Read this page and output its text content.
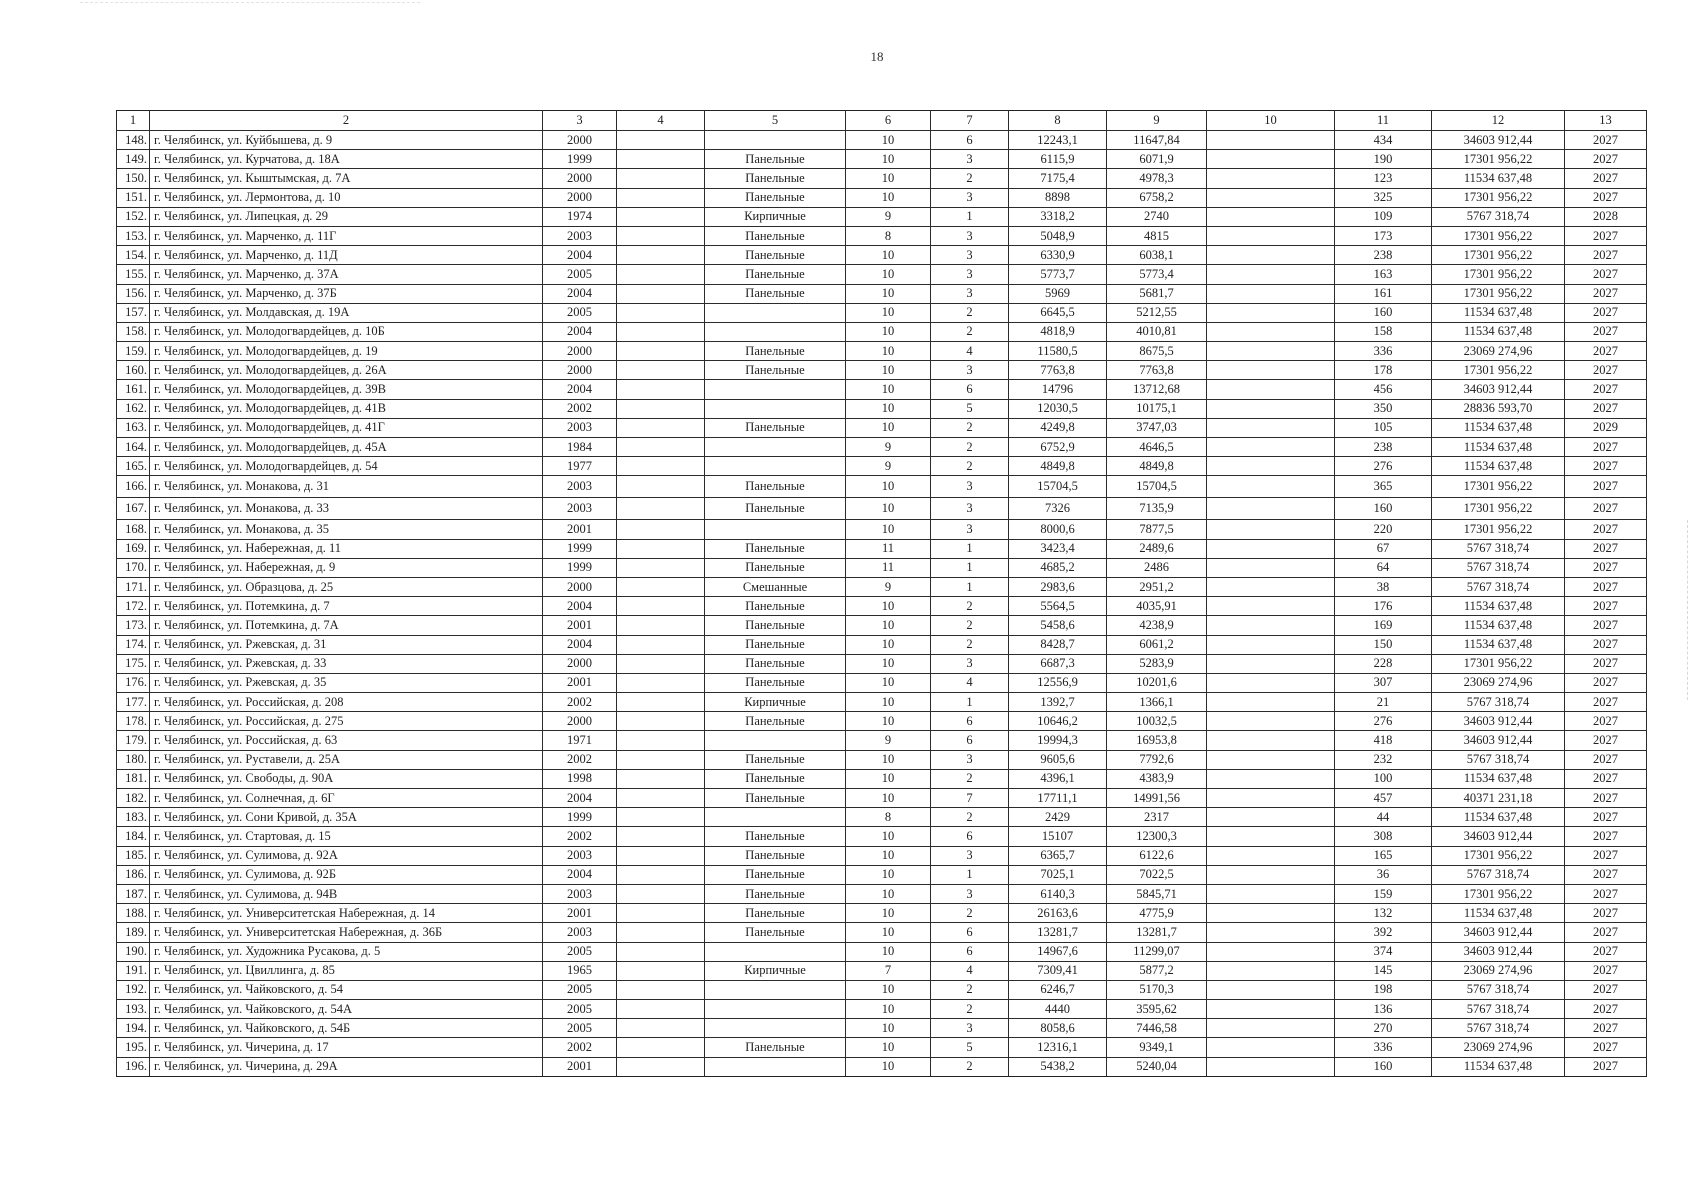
18
1	2	3	4	5	6	7	8	9	10	11	12	13
148.	г. Челябинск, ул. Куйбышева, д. 9	2000			10	6	12243,1	11647,84		434	34603 912,44	2027
149.	г. Челябинск, ул. Курчатова, д. 18А	1999		Панельные	10	3	6115,9	6071,9		190	17301 956,22	2027
150.	г. Челябинск, ул. Кыштымская, д. 7А	2000		Панельные	10	2	7175,4	4978,3		123	11534 637,48	2027
151.	г. Челябинск, ул. Лермонтова, д. 10	2000		Панельные	10	3	8898	6758,2		325	17301 956,22	2027
152.	г. Челябинск, ул. Липецкая, д. 29	1974		Кирпичные	9	1	3318,2	2740		109	5767 318,74	2028
153.	г. Челябинск, ул. Марченко, д. 11Г	2003		Панельные	8	3	5048,9	4815		173	17301 956,22	2027
154.	г. Челябинск, ул. Марченко, д. 11Д	2004		Панельные	10	3	6330,9	6038,1		238	17301 956,22	2027
155.	г. Челябинск, ул. Марченко, д. 37А	2005		Панельные	10	3	5773,7	5773,4		163	17301 956,22	2027
156.	г. Челябинск, ул. Марченко, д. 37Б	2004		Панельные	10	3	5969	5681,7		161	17301 956,22	2027
157.	г. Челябинск, ул. Молдавская, д. 19А	2005			10	2	6645,5	5212,55		160	11534 637,48	2027
158.	г. Челябинск, ул. Молодогвардейцев, д. 10Б	2004			10	2	4818,9	4010,81		158	11534 637,48	2027
159.	г. Челябинск, ул. Молодогвардейцев, д. 19	2000		Панельные	10	4	11580,5	8675,5		336	23069 274,96	2027
160.	г. Челябинск, ул. Молодогвардейцев, д. 26А	2000		Панельные	10	3	7763,8	7763,8		178	17301 956,22	2027
161.	г. Челябинск, ул. Молодогвардейцев, д. 39В	2004			10	6	14796	13712,68		456	34603 912,44	2027
162.	г. Челябинск, ул. Молодогвардейцев, д. 41В	2002			10	5	12030,5	10175,1		350	28836 593,70	2027
163.	г. Челябинск, ул. Молодогвардейцев, д. 41Г	2003		Панельные	10	2	4249,8	3747,03		105	11534 637,48	2029
164.	г. Челябинск, ул. Молодогвардейцев, д. 45А	1984			9	2	6752,9	4646,5		238	11534 637,48	2027
165.	г. Челябинск, ул. Молодогвардейцев, д. 54	1977			9	2	4849,8	4849,8		276	11534 637,48	2027
166.	г. Челябинск, ул. Монакова, д. 31	2003		Панельные	10	3	15704,5	15704,5		365	17301 956,22	2027
167.	г. Челябинск, ул. Монакова, д. 33	2003		Панельные	10	3	7326	7135,9		160	17301 956,22	2027
168.	г. Челябинск, ул. Монакова, д. 35	2001			10	3	8000,6	7877,5		220	17301 956,22	2027
169.	г. Челябинск, ул. Набережная, д. 11	1999		Панельные	11	1	3423,4	2489,6		67	5767 318,74	2027
170.	г. Челябинск, ул. Набережная, д. 9	1999		Панельные	11	1	4685,2	2486		64	5767 318,74	2027
171.	г. Челябинск, ул. Образцова, д. 25	2000		Смешанные	9	1	2983,6	2951,2		38	5767 318,74	2027
172.	г. Челябинск, ул. Потемкина, д. 7	2004		Панельные	10	2	5564,5	4035,91		176	11534 637,48	2027
173.	г. Челябинск, ул. Потемкина, д. 7А	2001		Панельные	10	2	5458,6	4238,9		169	11534 637,48	2027
174.	г. Челябинск, ул. Ржевская, д. 31	2004		Панельные	10	2	8428,7	6061,2		150	11534 637,48	2027
175.	г. Челябинск, ул. Ржевская, д. 33	2000		Панельные	10	3	6687,3	5283,9		228	17301 956,22	2027
176.	г. Челябинск, ул. Ржевская, д. 35	2001		Панельные	10	4	12556,9	10201,6		307	23069 274,96	2027
177.	г. Челябинск, ул. Российская, д. 208	2002		Кирпичные	10	1	1392,7	1366,1		21	5767 318,74	2027
178.	г. Челябинск, ул. Российская, д. 275	2000		Панельные	10	6	10646,2	10032,5		276	34603 912,44	2027
179.	г. Челябинск, ул. Российская, д. 63	1971			9	6	19994,3	16953,8		418	34603 912,44	2027
180.	г. Челябинск, ул. Руставели, д. 25А	2002		Панельные	10	3	9605,6	7792,6		232	5767 318,74	2027
181.	г. Челябинск, ул. Свободы, д. 90А	1998		Панельные	10	2	4396,1	4383,9		100	11534 637,48	2027
182.	г. Челябинск, ул. Солнечная, д. 6Г	2004		Панельные	10	7	17711,1	14991,56		457	40371 231,18	2027
183.	г. Челябинск, ул. Сони Кривой, д. 35А	1999			8	2	2429	2317		44	11534 637,48	2027
184.	г. Челябинск, ул. Стартовая, д. 15	2002		Панельные	10	6	15107	12300,3		308	34603 912,44	2027
185.	г. Челябинск, ул. Сулимова, д. 92А	2003		Панельные	10	3	6365,7	6122,6		165	17301 956,22	2027
186.	г. Челябинск, ул. Сулимова, д. 92Б	2004		Панельные	10	1	7025,1	7022,5		36	5767 318,74	2027
187.	г. Челябинск, ул. Сулимова, д. 94В	2003		Панельные	10	3	6140,3	5845,71		159	17301 956,22	2027
188.	г. Челябинск, ул. Университетская Набережная, д. 14	2001		Панельные	10	2	26163,6	4775,9		132	11534 637,48	2027
189.	г. Челябинск, ул. Университетская Набережная, д. 36Б	2003		Панельные	10	6	13281,7	13281,7		392	34603 912,44	2027
190.	г. Челябинск, ул. Художника Русакова, д. 5	2005			10	6	14967,6	11299,07		374	34603 912,44	2027
191.	г. Челябинск, ул. Цвиллинга, д. 85	1965		Кирпичные	7	4	7309,41	5877,2		145	23069 274,96	2027
192.	г. Челябинск, ул. Чайковского, д. 54	2005			10	2	6246,7	5170,3		198	5767 318,74	2027
193.	г. Челябинск, ул. Чайковского, д. 54А	2005			10	2	4440	3595,62		136	5767 318,74	2027
194.	г. Челябинск, ул. Чайковского, д. 54Б	2005			10	3	8058,6	7446,58		270	5767 318,74	2027
195.	г. Челябинск, ул. Чичерина, д. 17	2002		Панельные	10	5	12316,1	9349,1		336	23069 274,96	2027
196.	г. Челябинск, ул. Чичерина, д. 29А	2001			10	2	5438,2	5240,04		160	11534 637,48	2027
